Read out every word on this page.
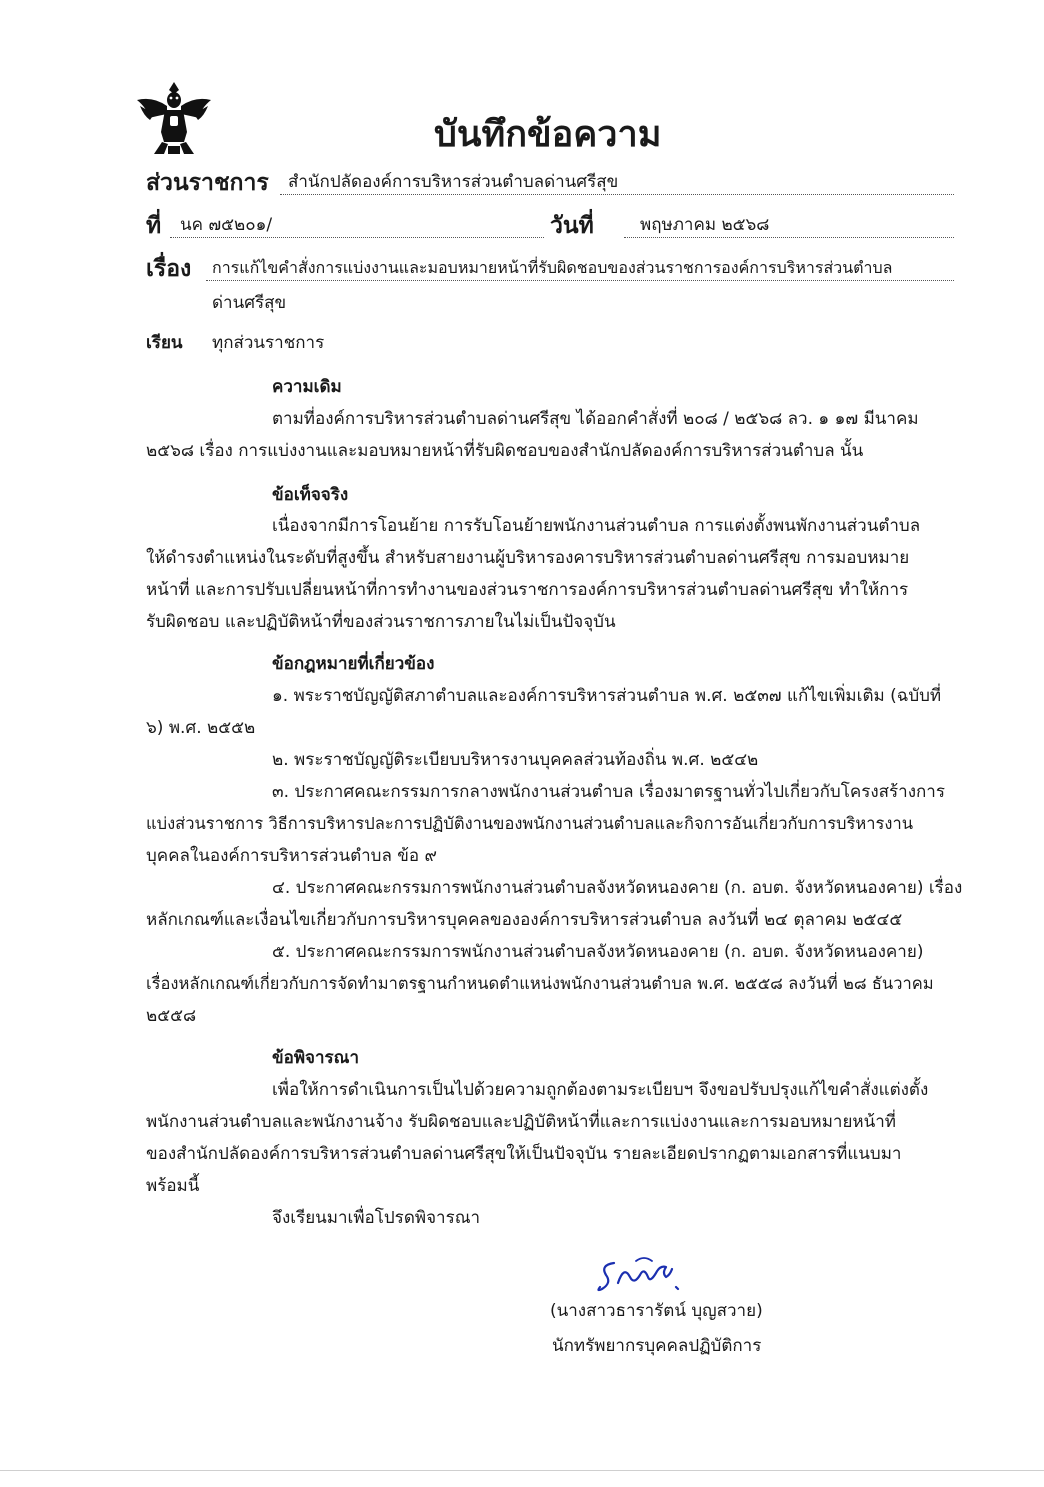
บันทึกข้อความ
ส่วนราชการ สำนักปลัดองค์การบริหารส่วนตำบลด่านศรีสุข
ที่ นค ๗๕๒๐๑/	วันที่	พฤษภาคม ๒๕๖๘
เรื่อง การแก้ไขคำสั่งการแบ่งงานและมอบหมายหน้าที่รับผิดชอบของส่วนราชการองค์การบริหารส่วนตำบล
ด่านศรีสุข
เรียน ทุกส่วนราชการ
ความเดิม
ตามที่องค์การบริหารส่วนตำบลด่านศรีสุข ได้ออกคำสั่งที่ ๒๐๘ / ๒๕๖๘ ลว. ๑ ๑๗ มีนาคม
๒๕๖๘ เรื่อง การแบ่งงานและมอบหมายหน้าที่รับผิดชอบของสำนักปลัดองค์การบริหารส่วนตำบล นั้น
ข้อเท็จจริง
เนื่องจากมีการโอนย้าย การรับโอนย้ายพนักงานส่วนตำบล การแต่งตั้งพนพักงานส่วนตำบล
ให้ดำรงตำแหน่งในระดับที่สูงขึ้น สำหรับสายงานผู้บริหารองคารบริหารส่วนตำบลด่านศรีสุข การมอบหมาย
หน้าที่ และการปรับเปลี่ยนหน้าที่การทำงานของส่วนราชการองค์การบริหารส่วนตำบลด่านศรีสุข ทำให้การ
รับผิดชอบ และปฏิบัติหน้าที่ของส่วนราชการภายในไม่เป็นปัจจุบัน
ข้อกฎหมายที่เกี่ยวข้อง
๑. พระราชบัญญัติสภาตำบลและองค์การบริหารส่วนตำบล พ.ศ. ๒๕๓๗ แก้ไขเพิ่มเติม (ฉบับที่
๖) พ.ศ. ๒๕๕๒
๒. พระราชบัญญัติระเบียบบริหารงานบุคคลส่วนท้องถิ่น พ.ศ. ๒๕๔๒
๓. ประกาศคณะกรรมการกลางพนักงานส่วนตำบล เรื่องมาตรฐานทั่วไปเกี่ยวกับโครงสร้างการ
แบ่งส่วนราชการ วิธีการบริหารปละการปฏิบัติงานของพนักงานส่วนตำบลและกิจการอันเกี่ยวกับการบริหารงาน
บุคคลในองค์การบริหารส่วนตำบล ข้อ ๙
๔. ประกาศคณะกรรมการพนักงานส่วนตำบลจังหวัดหนองคาย (ก. อบต. จังหวัดหนองคาย) เรื่อง
หลักเกณฑ์และเงื่อนไขเกี่ยวกับการบริหารบุคคลขององค์การบริหารส่วนตำบล ลงวันที่ ๒๔ ตุลาคม ๒๕๔๕
๕. ประกาศคณะกรรมการพนักงานส่วนตำบลจังหวัดหนองคาย (ก. อบต. จังหวัดหนองคาย)
เรื่องหลักเกณฑ์เกี่ยวกับการจัดทำมาตรฐานกำหนดตำแหน่งพนักงานส่วนตำบล พ.ศ. ๒๕๕๘ ลงวันที่ ๒๘ ธันวาคม
๒๕๕๘
ข้อพิจารณา
เพื่อให้การดำเนินการเป็นไปด้วยความถูกต้องตามระเบียบฯ จึงขอปรับปรุงแก้ไขคำสั่งแต่งตั้ง
พนักงานส่วนตำบลและพนักงานจ้าง รับผิดชอบและปฏิบัติหน้าที่และการแบ่งงานและการมอบหมายหน้าที่
ของสำนักปลัดองค์การบริหารส่วนตำบลด่านศรีสุขให้เป็นปัจจุบัน รายละเอียดปรากฏตามเอกสารที่แนบมา
พร้อมนี้
จึงเรียนมาเพื่อโปรดพิจารณา
(นางสาวธารารัตน์ บุญสวาย)
นักทรัพยากรบุคคลปฏิบัติการ
